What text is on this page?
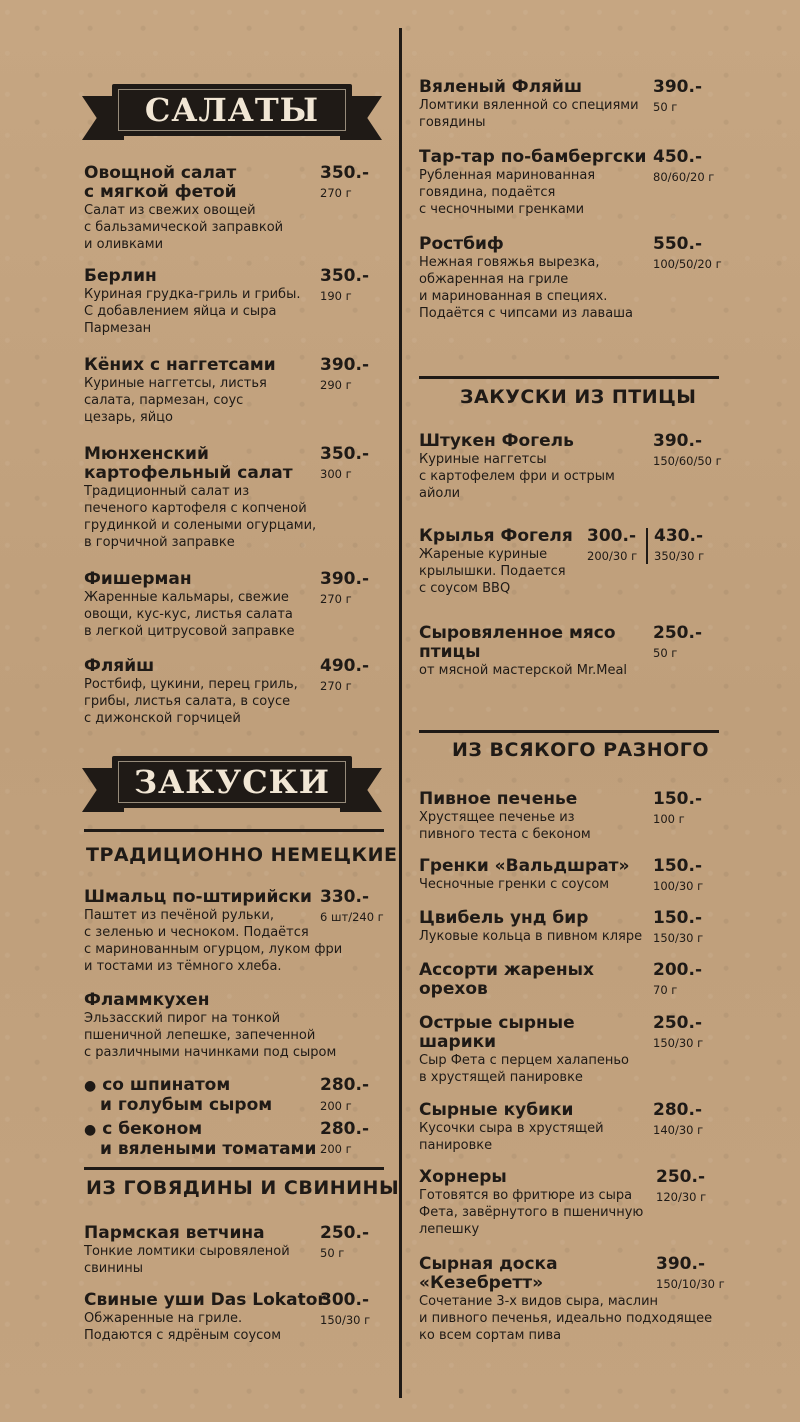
САЛАТЫ
ЗАКУСКИ
ТРАДИЦИОННО НЕМЕЦКИЕ
ИЗ ГОВЯДИНЫ И СВИНИНЫ
ЗАКУСКИ ИЗ ПТИЦЫ
ИЗ ВСЯКОГО РАЗНОГО
Овощной салат
с мягкой фетой
Салат из свежих овощей
с бальзамической заправкой
и оливками
Берлин
Куриная грудка-гриль и грибы.
С добавлением яйца и сыра
Пармезан
Кёних с наггетсами
Куриные наггетсы, листья
салата, пармезан, соус
цезарь, яйцо
Мюнхенский
картофельный салат
Традиционный салат из
печеного картофеля с копченой
грудинкой и солеными огурцами,
в горчичной заправке
Фишерман
Жаренные кальмары, свежие
овощи, кус-кус, листья салата
в легкой цитрусовой заправке
Фляйш
Ростбиф, цукини, перец гриль,
грибы, листья салата, в соусе
с дижонской горчицей
Шмальц по-штирийски
Паштет из печёной рульки,
с зеленью и чесноком. Подаётся
с маринованным огурцом, луком фри
и тостами из тёмного хлеба.
Фламмкухен
Эльзасский пирог на тонкой
пшеничной лепешке, запеченной
с различными начинками под сыром
Пармская ветчина
Тонкие ломтики сыровяленой
свинины
Свиные уши Das Lokator
Обжаренные на гриле.
Подаются с ядрёным соусом
Вяленый Фляйш
Ломтики вяленной со специями
говядины
Тар-тар по-бамбергски
Рубленная маринованная
говядина, подаётся
с чесночными гренками
Ростбиф
Нежная говяжья вырезка,
обжаренная на гриле
и маринованная в специях.
Подаётся с чипсами из лаваша
Штукен Фогель
Куриные наггетсы
с картофелем фри и острым
айоли
Крылья Фогеля
Жареные куриные
крылышки. Подается
с соусом BBQ
Сыровяленное мясо
птицы
от мясной мастерской Mr.Meal
Пивное печенье
Хрустящее печенье из
пивного теста с беконом
Гренки «Вальдшрат»
Чесночные гренки с соусом
Цвибель унд бир
Луковые кольца в пивном кляре
Ассорти жареных
орехов
Острые сырные
шарики
Сыр Фета с перцем халапеньо
в хрустящей панировке
Сырные кубики
Кусочки сыра в хрустящей
панировке
Хорнеры
Готовятся во фритюре из сыра
Фета, завёрнутого в пшеничную
лепешку
Сырная доска
«Кезебретт»
Сочетание 3-х видов сыра, маслин
и пивного печенья, идеально подходящее
ко всем сортам пива
● со шпинатом
и голубым сыром
280.-
200 г
● с беконом
и вялеными томатами
280.-
200 г
430.-
350/30 г
350.-
270 г
350.-
190 г
390.-
290 г
350.-
300 г
390.-
270 г
490.-
270 г
330.-
6 шт/240 г
250.-
50 г
300.-
150/30 г
390.-
50 г
450.-
80/60/20 г
550.-
100/50/20 г
390.-
150/60/50 г
300.-
200/30 г
250.-
50 г
150.-
100 г
150.-
100/30 г
150.-
150/30 г
200.-
70 г
250.-
150/30 г
280.-
140/30 г
250.-
120/30 г
390.-
150/10/30 г
